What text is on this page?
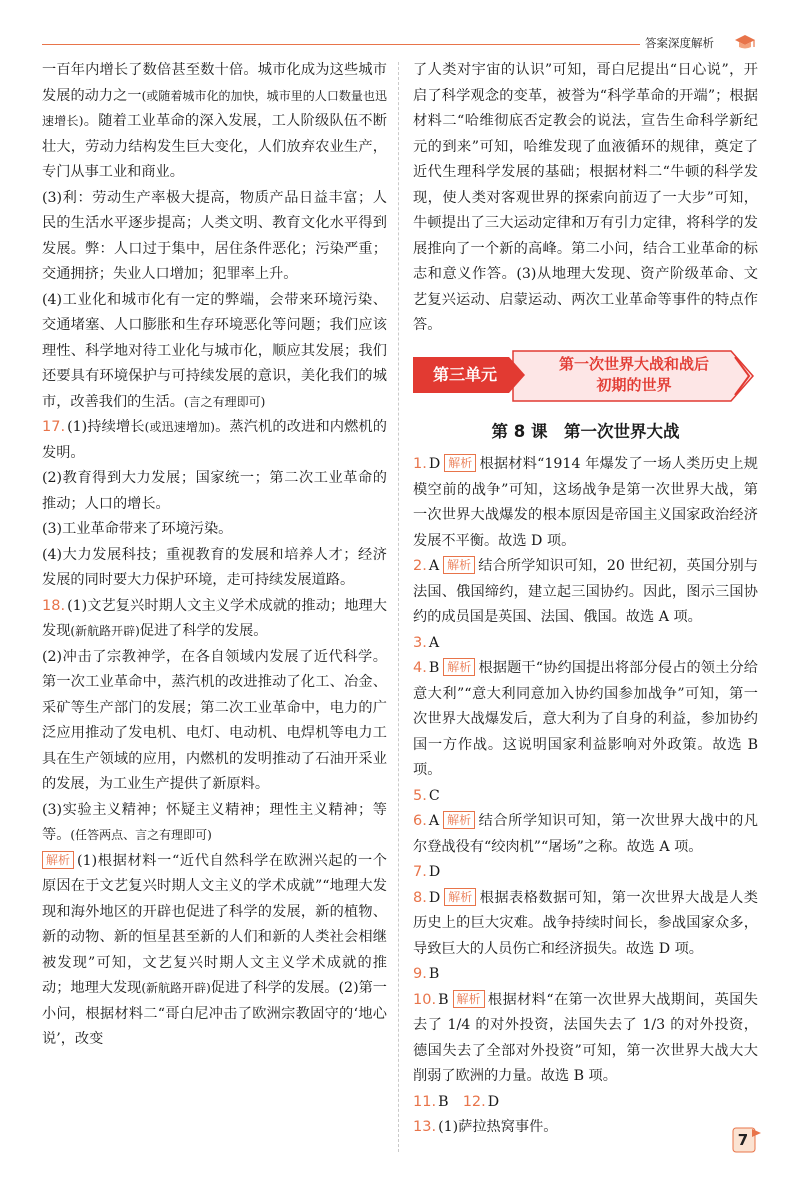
答案深度解析

一百年内增长了数倍甚至数十倍。城市化成为这些城市发展的动力之一(或随着城市化的加快，城市里的人口数量也迅速增长)。随着工业革命的深入发展，工人阶级队伍不断壮大，劳动力结构发生巨大变化，人们放弃农业生产，专门从事工业和商业。

(3)利：劳动生产率极大提高，物质产品日益丰富；人民的生活水平逐步提高；人类文明、教育文化水平得到发展。弊：人口过于集中，居住条件恶化；污染严重；交通拥挤；失业人口增加；犯罪率上升。

(4)工业化和城市化有一定的弊端，会带来环境污染、交通堵塞、人口膨胀和生存环境恶化等问题；我们应该理性、科学地对待工业化与城市化，顺应其发展；我们还要具有环境保护与可持续发展的意识，美化我们的城市，改善我们的生活。(言之有理即可)

17. (1)持续增长(或迅速增加)。蒸汽机的改进和内燃机的发明。

(2)教育得到大力发展；国家统一；第二次工业革命的推动；人口的增长。

(3)工业革命带来了环境污染。

(4)大力发展科技；重视教育的发展和培养人才；经济发展的同时要大力保护环境，走可持续发展道路。

18. (1)文艺复兴时期人文主义学术成就的推动；地理大发现(新航路开辟)促进了科学的发展。

(2)冲击了宗教神学，在各自领域内发展了近代科学。第一次工业革命中，蒸汽机的改进推动了化工、冶金、采矿等生产部门的发展；第二次工业革命中，电力的广泛应用推动了发电机、电灯、电动机、电焊机等电力工具在生产领域的应用，内燃机的发明推动了石油开采业的发展，为工业生产提供了新原料。

(3)实验主义精神；怀疑主义精神；理性主义精神；等等。(任答两点、言之有理即可)

解析 (1)根据材料一“近代自然科学在欧洲兴起的一个原因在于文艺复兴时期人文主义的学术成就”“地理大发现和海外地区的开辟也促进了科学的发展，新的植物、新的动物、新的恒星甚至新的人们和新的人类社会相继被发现”可知，文艺复兴时期人文主义学术成就的推动；地理大发现(新航路开辟)促进了科学的发展。(2)第一小问，根据材料二“哥白尼冲击了欧洲宗教固守的‘地心说’，改变

了人类对宇宙的认识”可知，哥白尼提出“日心说”，开启了科学观念的变革，被誉为“科学革命的开端”；根据材料二“哈维彻底否定教会的说法，宣告生命科学新纪元的到来”可知，哈维发现了血液循环的规律，奠定了近代生理科学发展的基础；根据材料二“牛顿的科学发现，使人类对客观世界的探索向前迈了一大步”可知，牛顿提出了三大运动定律和万有引力定律，将科学的发展推向了一个新的高峰。第二小问，结合工业革命的标志和意义作答。(3)从地理大发现、资产阶级革命、文艺复兴运动、启蒙运动、两次工业革命等事件的特点作答。

第三单元
第一次世界大战和战后
初期的世界
第 8 课　第一次世界大战

1. D 解析 根据材料“1914 年爆发了一场人类历史上规模空前的战争”可知，这场战争是第一次世界大战，第一次世界大战爆发的根本原因是帝国主义国家政治经济发展不平衡。故选 D 项。

2. A 解析 结合所学知识可知，20 世纪初，英国分别与法国、俄国缔约，建立起三国协约。因此，图示三国协约的成员国是英国、法国、俄国。故选 A 项。

3. A

4. B 解析 根据题干“协约国提出将部分侵占的领土分给意大利”“意大利同意加入协约国参加战争”可知，第一次世界大战爆发后，意大利为了自身的利益，参加协约国一方作战。这说明国家利益影响对外政策。故选 B 项。

5. C

6. A 解析 结合所学知识可知，第一次世界大战中的凡尔登战役有“绞肉机”“屠场”之称。故选 A 项。

7. D

8. D 解析 根据表格数据可知，第一次世界大战是人类历史上的巨大灾难。战争持续时间长，参战国家众多，导致巨大的人员伤亡和经济损失。故选 D 项。

9. B

10. B 解析 根据材料“在第一次世界大战期间，英国失去了 1/4 的对外投资，法国失去了 1/3 的对外投资，德国失去了全部对外投资”可知，第一次世界大战大大削弱了欧洲的力量。故选 B 项。

11. B　 12. D

13. (1)萨拉热窝事件。

7
